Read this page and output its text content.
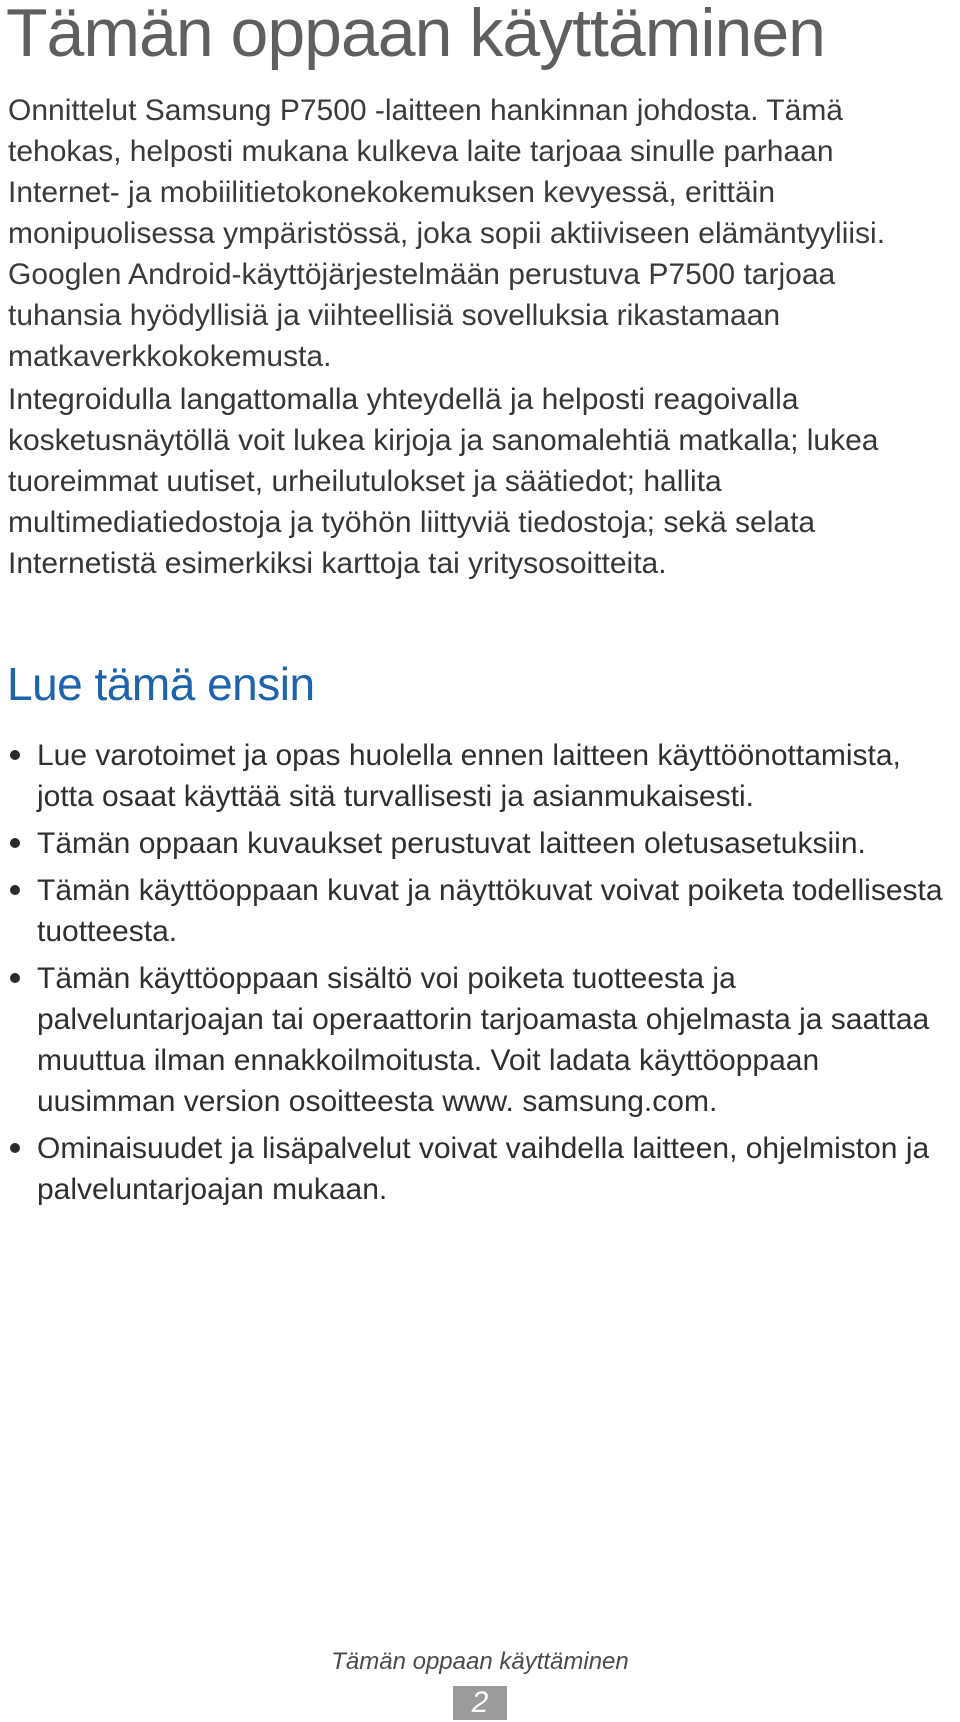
Tämän oppaan käyttäminen

Onnittelut Samsung P7500 -laitteen hankinnan johdosta. Tämä tehokas, helposti mukana kulkeva laite tarjoaa sinulle parhaan Internet- ja mobiilitietokonekokemuksen kevyessä, erittäin monipuolisessa ympäristössä, joka sopii aktiiviseen elämäntyyliisi. Googlen Android-käyttöjärjestelmään perustuva P7500 tarjoaa tuhansia hyödyllisiä ja viihteellisiä sovelluksia rikastamaan matkaverkkokokemusta.

Integroidulla langattomalla yhteydellä ja helposti reagoivalla kosketusnäytöllä voit lukea kirjoja ja sanomalehtiä matkalla; lukea tuoreimmat uutiset, urheilutulokset ja säätiedot; hallita multimediatiedostoja ja työhön liittyviä tiedostoja; sekä selata Internetistä esimerkiksi karttoja tai yritysosoitteita.

Lue tämä ensin
Lue varotoimet ja opas huolella ennen laitteen käyttöönottamista, jotta osaat käyttää sitä turvallisesti ja asianmukaisesti.
Tämän oppaan kuvaukset perustuvat laitteen oletusasetuksiin.
Tämän käyttöoppaan kuvat ja näyttökuvat voivat poiketa todellisesta tuotteesta.
Tämän käyttöoppaan sisältö voi poiketa tuotteesta ja palveluntarjoajan tai operaattorin tarjoamasta ohjelmasta ja saattaa muuttua ilman ennakkoilmoitusta. Voit ladata käyttöoppaan uusimman version osoitteesta www. samsung.com.
Ominaisuudet ja lisäpalvelut voivat vaihdella laitteen, ohjelmiston ja palveluntarjoajan mukaan.
Tämän oppaan käyttäminen
2
